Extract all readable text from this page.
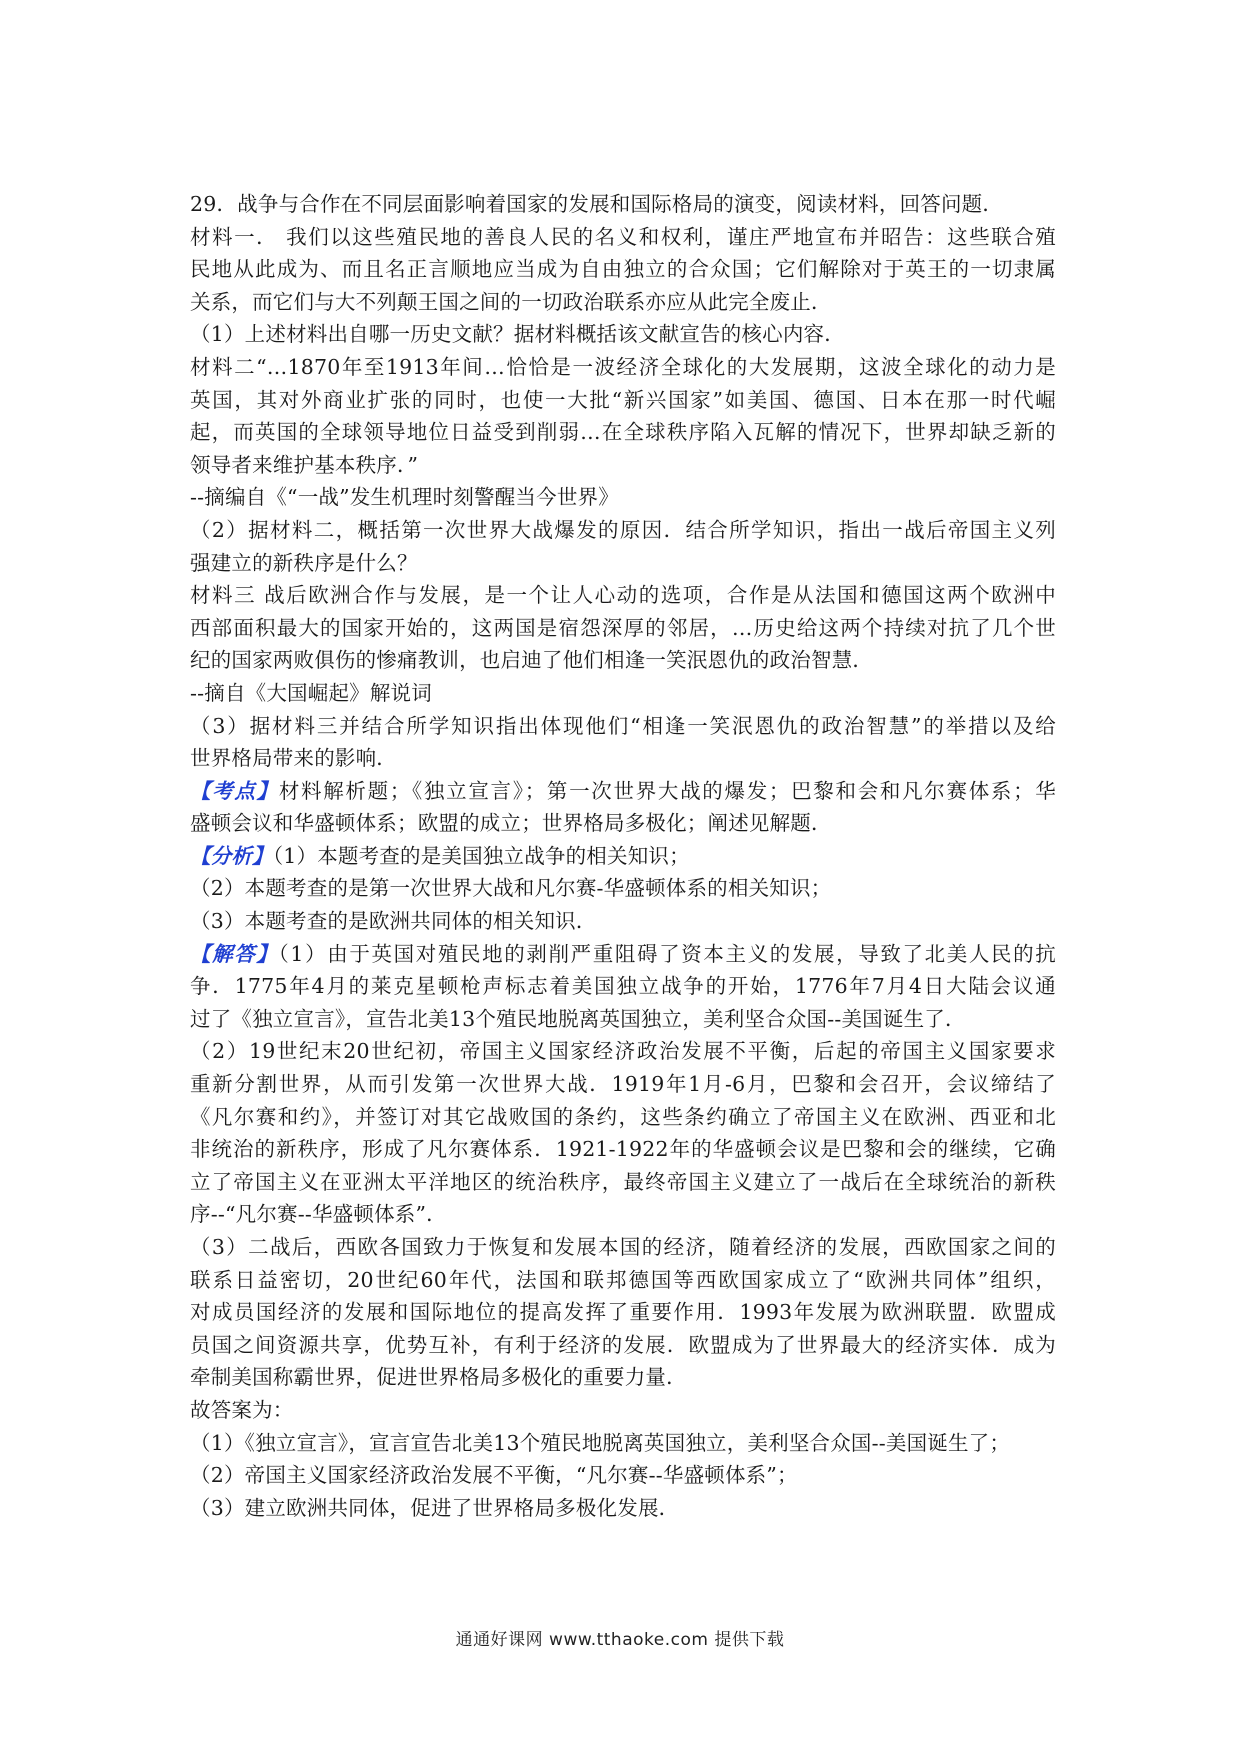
29．战争与合作在不同层面影响着国家的发展和国际格局的演变，阅读材料，回答问题．
材料一． 我们以这些殖民地的善良人民的名义和权利，谨庄严地宣布并昭告：这些联合殖
民地从此成为、而且名正言顺地应当成为自由独立的合众国；它们解除对于英王的一切隶属
关系，而它们与大不列颠王国之间的一切政治联系亦应从此完全废止．
（1）上述材料出自哪一历史文献？据材料概括该文献宣告的核心内容．
材料二“…1870年至1913年间…恰恰是一波经济全球化的大发展期，这波全球化的动力是
英国，其对外商业扩张的同时，也使一大批“新兴国家”如美国、德国、日本在那一时代崛
起，而英国的全球领导地位日益受到削弱…在全球秩序陷入瓦解的情况下，世界却缺乏新的
领导者来维护基本秩序．”
--摘编自《“一战”发生机理时刻警醒当今世界》
（2）据材料二，概括第一次世界大战爆发的原因．结合所学知识，指出一战后帝国主义列
强建立的新秩序是什么？
材料三 战后欧洲合作与发展，是一个让人心动的选项，合作是从法国和德国这两个欧洲中
西部面积最大的国家开始的，这两国是宿怨深厚的邻居，…历史给这两个持续对抗了几个世
纪的国家两败俱伤的惨痛教训，也启迪了他们相逢一笑泯恩仇的政治智慧．
--摘自《大国崛起》解说词
（3）据材料三并结合所学知识指出体现他们“相逢一笑泯恩仇的政治智慧”的举措以及给
世界格局带来的影响．
【考点】材料解析题；《独立宣言》；第一次世界大战的爆发；巴黎和会和凡尔赛体系；华
盛顿会议和华盛顿体系；欧盟的成立；世界格局多极化；阐述见解题．
【分析】（1）本题考查的是美国独立战争的相关知识；
（2）本题考查的是第一次世界大战和凡尔赛-华盛顿体系的相关知识；
（3）本题考查的是欧洲共同体的相关知识．
【解答】（1）由于英国对殖民地的剥削严重阻碍了资本主义的发展，导致了北美人民的抗
争．1775年4月的莱克星顿枪声标志着美国独立战争的开始，1776年7月4日大陆会议通
过了《独立宣言》，宣告北美13个殖民地脱离英国独立，美利坚合众国--美国诞生了．
（2）19世纪末20世纪初，帝国主义国家经济政治发展不平衡，后起的帝国主义国家要求
重新分割世界，从而引发第一次世界大战．1919年1月-6月，巴黎和会召开，会议缔结了
《凡尔赛和约》，并签订对其它战败国的条约，这些条约确立了帝国主义在欧洲、西亚和北
非统治的新秩序，形成了凡尔赛体系．1921-1922年的华盛顿会议是巴黎和会的继续，它确
立了帝国主义在亚洲太平洋地区的统治秩序，最终帝国主义建立了一战后在全球统治的新秩
序--“凡尔赛--华盛顿体系”．
（3）二战后，西欧各国致力于恢复和发展本国的经济，随着经济的发展，西欧国家之间的
联系日益密切，20世纪60年代，法国和联邦德国等西欧国家成立了“欧洲共同体”组织，
对成员国经济的发展和国际地位的提高发挥了重要作用．1993年发展为欧洲联盟．欧盟成
员国之间资源共享，优势互补，有利于经济的发展．欧盟成为了世界最大的经济实体．成为
牵制美国称霸世界，促进世界格局多极化的重要力量．
故答案为：
（1）《独立宣言》，宣言宣告北美13个殖民地脱离英国独立，美利坚合众国--美国诞生了；
（2）帝国主义国家经济政治发展不平衡，“凡尔赛--华盛顿体系”；
（3）建立欧洲共同体，促进了世界格局多极化发展．
通通好课网 www.tthaoke.com 提供下载
